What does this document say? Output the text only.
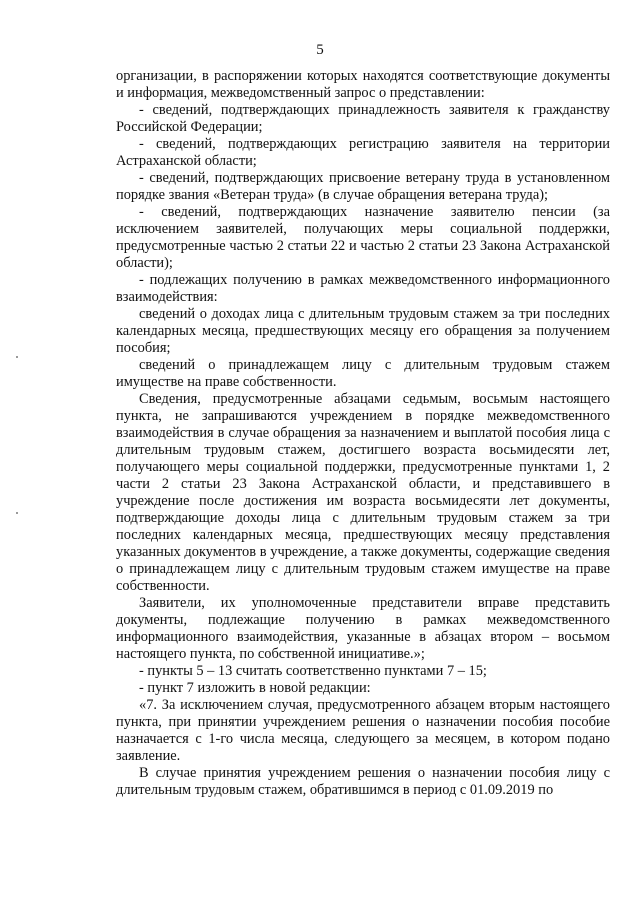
5

организации, в распоряжении которых находятся соответствующие документы и информация, межведомственный запрос о представлении:

- сведений, подтверждающих принадлежность заявителя к гражданству Российской Федерации;

- сведений, подтверждающих регистрацию заявителя на территории Астраханской области;

- сведений, подтверждающих присвоение ветерану труда в установленном порядке звания «Ветеран труда» (в случае обращения ветерана труда);

- сведений, подтверждающих назначение заявителю пенсии (за исключением заявителей, получающих меры социальной поддержки, предусмотренные частью 2 статьи 22 и частью 2 статьи 23 Закона Астраханской области);

- подлежащих получению в рамках межведомственного информационного взаимодействия:

сведений о доходах лица с длительным трудовым стажем за три последних календарных месяца, предшествующих месяцу его обращения за получением пособия;

сведений о принадлежащем лицу с длительным трудовым стажем имуществе на праве собственности.

Сведения, предусмотренные абзацами седьмым, восьмым настоящего пункта, не запрашиваются учреждением в порядке межведомственного взаимодействия в случае обращения за назначением и выплатой пособия лица с длительным трудовым стажем, достигшего возраста восьмидесяти лет, получающего меры социальной поддержки, предусмотренные пунктами 1, 2 части 2 статьи 23 Закона Астраханской области, и представившего в учреждение после достижения им возраста восьмидесяти лет документы, подтверждающие доходы лица с длительным трудовым стажем за три последних календарных месяца, предшествующих месяцу представления указанных документов в учреждение, а также документы, содержащие сведения о принадлежащем лицу с длительным трудовым стажем имуществе на праве собственности.

Заявители, их уполномоченные представители вправе представить документы, подлежащие получению в рамках межведомственного информационного взаимодействия, указанные в абзацах втором – восьмом настоящего пункта, по собственной инициативе.»;

- пункты 5 – 13 считать соответственно пунктами 7 – 15;

- пункт 7 изложить в новой редакции:

«7. За исключением случая, предусмотренного абзацем вторым настоящего пункта, при принятии учреждением решения о назначении пособия пособие назначается с 1-го числа месяца, следующего за месяцем, в котором подано заявление.

В случае принятия учреждением решения о назначении пособия лицу с длительным трудовым стажем, обратившимся в период с 01.09.2019 по
